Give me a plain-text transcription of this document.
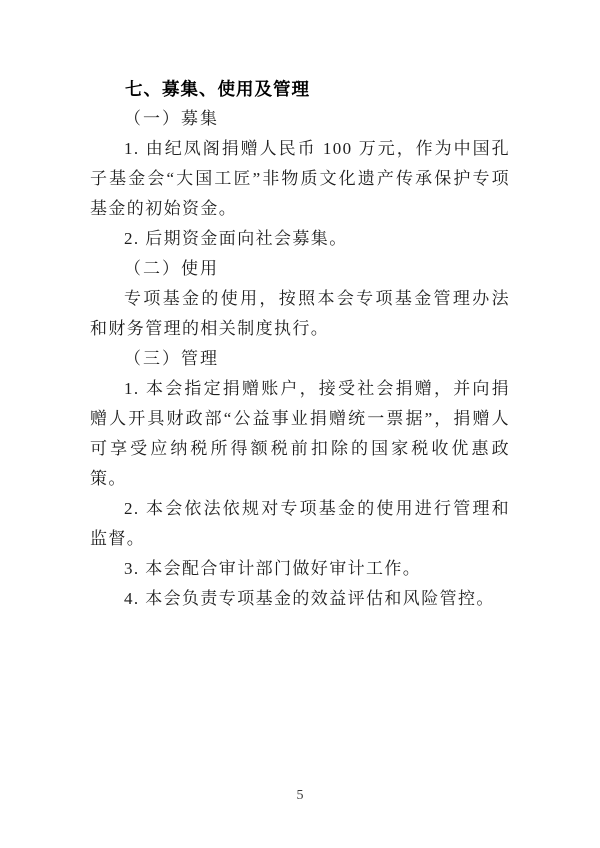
七、募集、使用及管理

（一）募集

1. 由纪凤阁捐赠人民币 100 万元，作为中国孔子基金会“大国工匠”非物质文化遗产传承保护专项基金的初始资金。

2. 后期资金面向社会募集。

（二）使用

专项基金的使用，按照本会专项基金管理办法和财务管理的相关制度执行。

（三）管理

1. 本会指定捐赠账户，接受社会捐赠，并向捐赠人开具财政部“公益事业捐赠统一票据”，捐赠人可享受应纳税所得额税前扣除的国家税收优惠政策。

2. 本会依法依规对专项基金的使用进行管理和监督。

3. 本会配合审计部门做好审计工作。

4. 本会负责专项基金的效益评估和风险管控。

5
